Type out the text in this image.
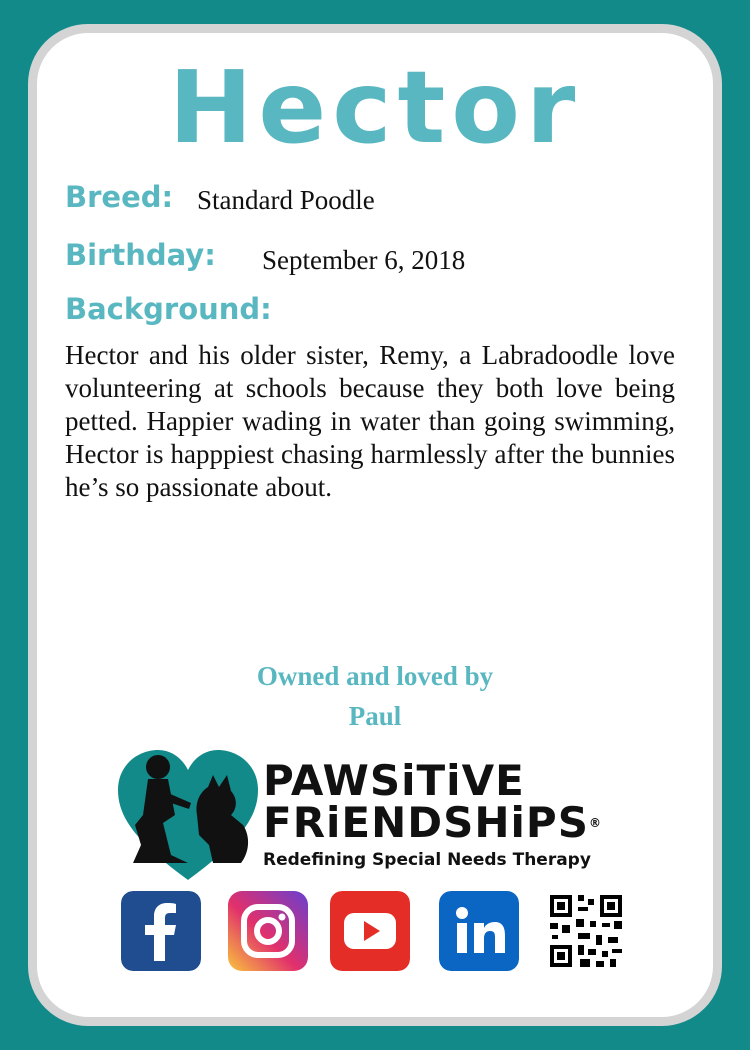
Hector
Breed: Standard Poodle
Birthday: September 6, 2018
Background:

Hector and his older sister, Remy, a Labradoodle love volunteering at schools because they both love being petted. Happier wading in water than going swimming, Hector is happpiest chasing harmlessly after the bunnies he’s so passionate about.

Owned and loved by
Paul
PAWSiTiVE
FRiENDSHiPS®
Redefining Special Needs Therapy
